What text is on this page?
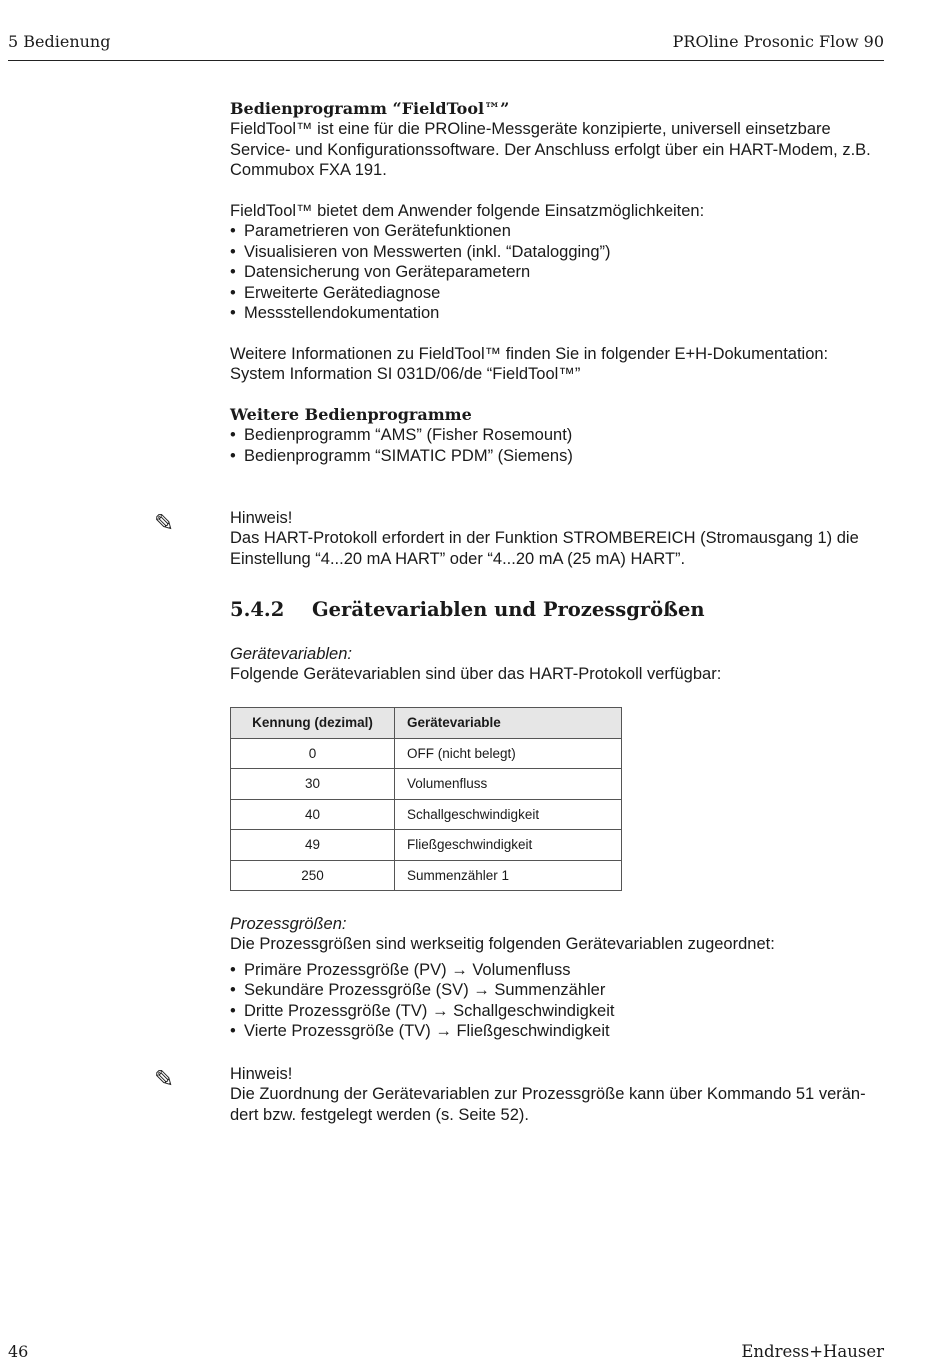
5 Bedienung	PROline Prosonic Flow 90

Bedienprogramm “FieldTool™”

FieldTool™ ist eine für die PROline-Messgeräte konzipierte, universell einsetzbare

Service- und Konfigurationssoftware. Der Anschluss erfolgt über ein HART-Modem, z.B.

Commubox FXA 191.

FieldTool™ bietet dem Anwender folgende Einsatzmöglichkeiten:

• Parametrieren von Gerätefunktionen
• Visualisieren von Messwerten (inkl. “Datalogging”)
• Datensicherung von Geräteparametern
• Erweiterte Gerätediagnose
• Messstellendokumentation

Weitere Informationen zu FieldTool™ finden Sie in folgender E+H-Dokumentation:

System Information SI 031D/06/de “FieldTool™”

Weitere Bedienprogramme

• Bedienprogramm “AMS” (Fisher Rosemount)
• Bedienprogramm “SIMATIC PDM” (Siemens)
✎	Hinweis!

Das HART-Protokoll erfordert in der Funktion STROMBEREICH (Stromausgang 1) die

Einstellung “4...20 mA HART” oder “4...20 mA (25 mA) HART”.

5.4.2 Gerätevariablen und Prozessgrößen

Gerätevariablen:

Folgende Gerätevariablen sind über das HART-Protokoll verfügbar:

Kennung (dezimal)	Gerätevariable
0	OFF (nicht belegt)
30	Volumenfluss
40	Schallgeschwindigkeit
49	Fließgeschwindigkeit
250	Summenzähler 1

Prozessgrößen:

Die Prozessgrößen sind werkseitig folgenden Gerätevariablen zugeordnet:

• Primäre Prozessgröße (PV) → Volumenfluss
• Sekundäre Prozessgröße (SV) → Summenzähler
• Dritte Prozessgröße (TV) → Schallgeschwindigkeit
• Vierte Prozessgröße (TV) → Fließgeschwindigkeit
✎	Hinweis!

Die Zuordnung der Gerätevariablen zur Prozessgröße kann über Kommando 51 verän-

dert bzw. festgelegt werden (s. Seite 52).

46	Endress+Hauser
